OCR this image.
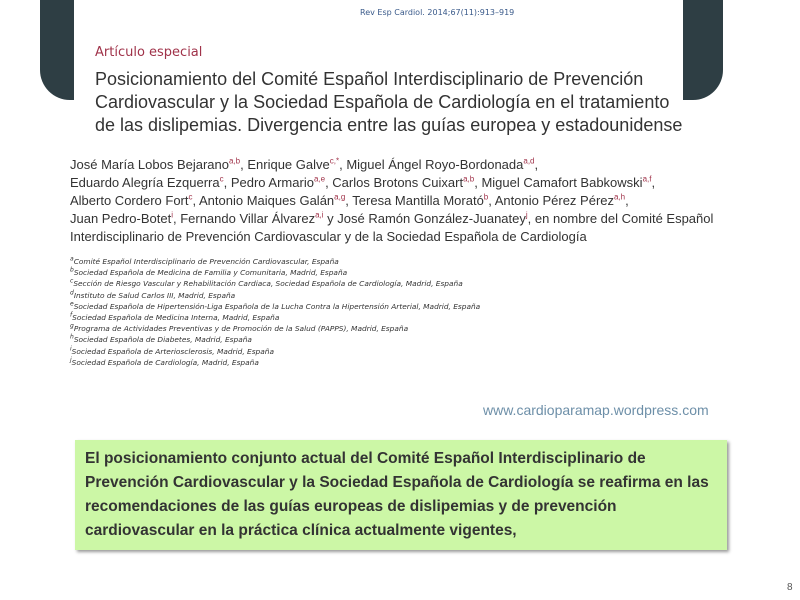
Rev Esp Cardiol. 2014;67(11):913–919
Artículo especial
Posicionamiento del Comité Español Interdisciplinario de Prevención
Cardiovascular y la Sociedad Española de Cardiología en el tratamiento
de las dislipemias. Divergencia entre las guías europea y estadounidense
José María Lobos Bejarano$^{a,b}$, Enrique Galve$^{c,*}$, Miguel Ángel Royo-Bordonada$^{a,d}$,
Eduardo Alegría Ezquerra$^c$, Pedro Armario$^{a,e}$, Carlos Brotons Cuixart$^{a,b}$, Miguel Camafort Babkowski$^{a,f}$,
Alberto Cordero Fort$^c$, Antonio Maiques Galán$^{a,g}$, Teresa Mantilla Morató$^b$, Antonio Pérez Pérez$^{a,h}$,
Juan Pedro-Botet$^i$, Fernando Villar Álvarez$^{a,i}$ y José Ramón González-Juanatey$^j$, en nombre del Comité Español Interdisciplinario de Prevención Cardiovascular y de la Sociedad Española de Cardiología
$^a$Comité Español Interdisciplinario de Prevención Cardiovascular, España
$^b$Sociedad Española de Medicina de Familia y Comunitaria, Madrid, España
$^c$Sección de Riesgo Vascular y Rehabilitación Cardiaca, Sociedad Española de Cardiología, Madrid, España
$^d$Instituto de Salud Carlos III, Madrid, España
$^e$Sociedad Española de Hipertensión-Liga Española de la Lucha Contra la Hipertensión Arterial, Madrid, España
$^f$Sociedad Española de Medicina Interna, Madrid, España
$^g$Programa de Actividades Preventivas y de Promoción de la Salud (PAPPS), Madrid, España
$^h$Sociedad Española de Diabetes, Madrid, España
$^i$Sociedad Española de Arteriosclerosis, Madrid, España
$^j$Sociedad Española de Cardiología, Madrid, España
www.cardioparamap.wordpress.com
El posicionamiento conjunto actual del Comité Español Interdisciplinario de Prevención Cardiovascular y la Sociedad Española de Cardiología se reafirma en las recomendaciones de las guías europeas de dislipemias y de prevención cardiovascular en la práctica clínica actualmente vigentes,
8
